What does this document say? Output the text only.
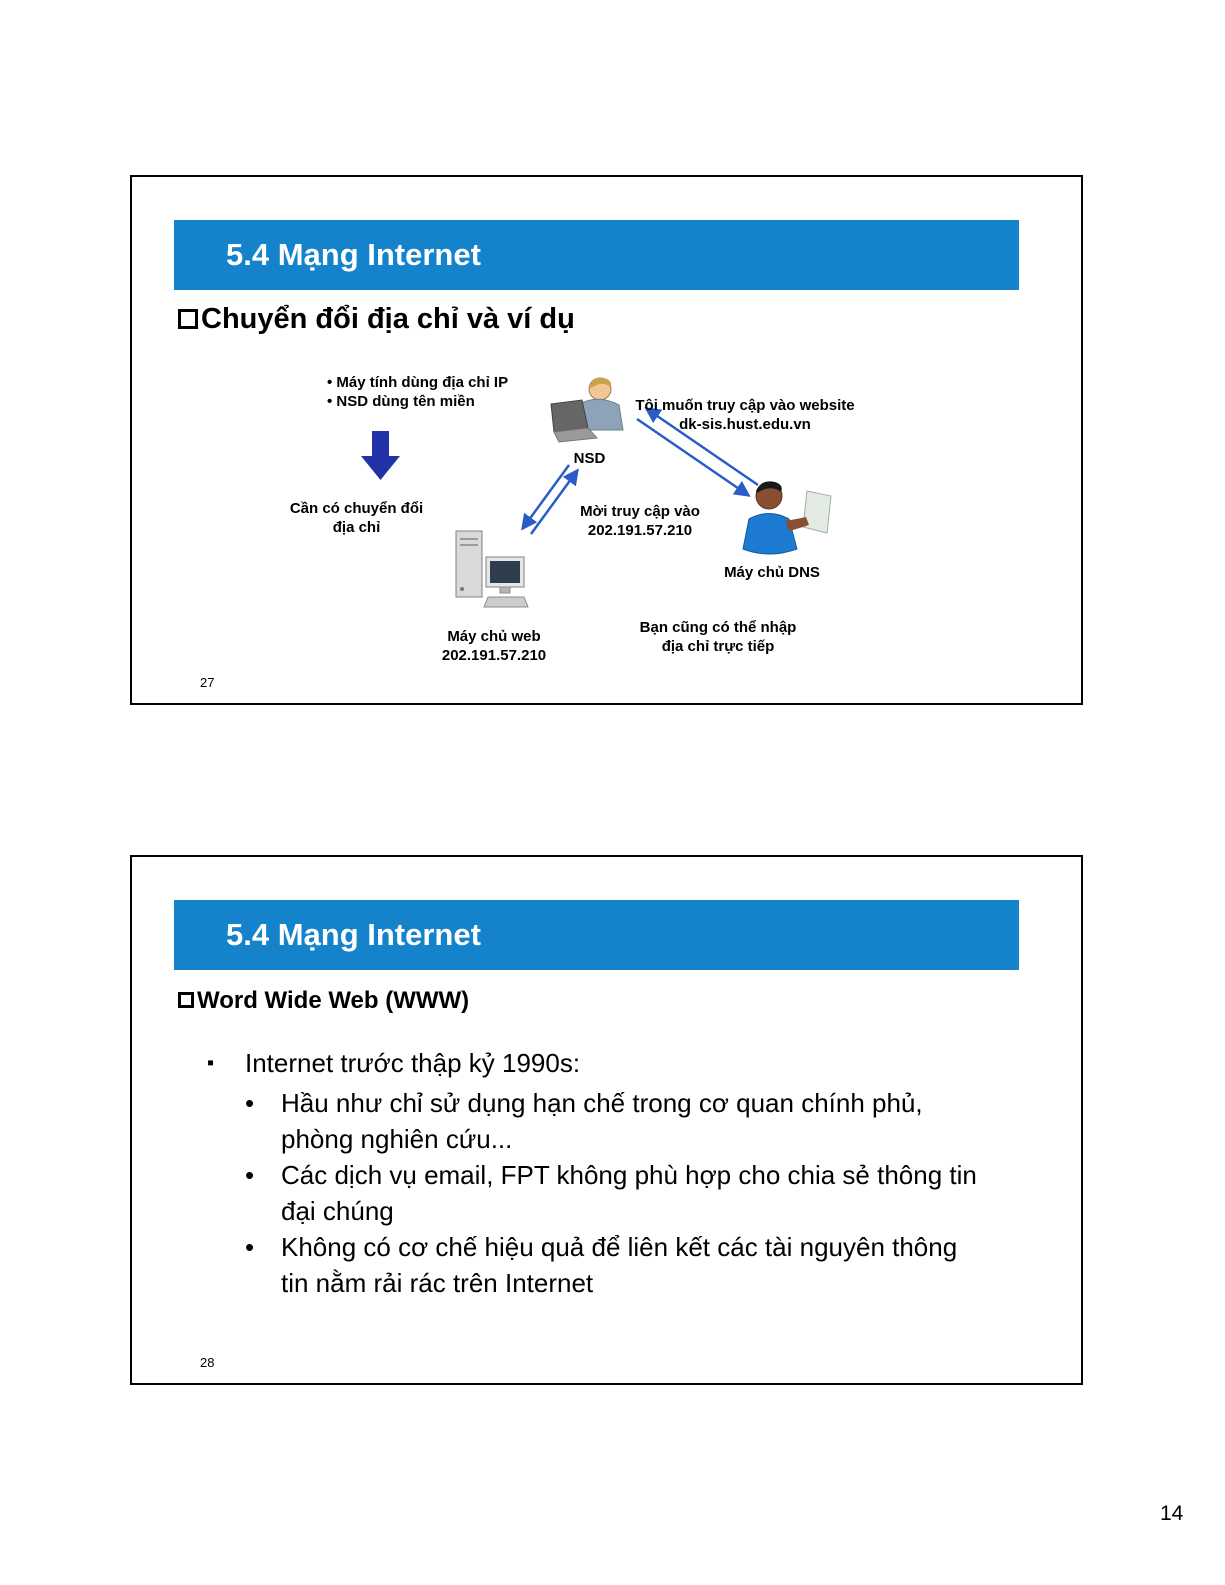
5.4 Mạng Internet
Chuyển đổi địa chỉ và ví dụ
• Máy tính dùng địa chỉ IP
• NSD dùng tên miền
Cần có chuyển đổi địa chỉ
NSD
Tôi muốn truy cập vào website dk-sis.hust.edu.vn
Mời truy cập vào 202.191.57.210
Máy chủ DNS
Máy chủ web 202.191.57.210
Bạn cũng có thể nhập địa chỉ trực tiếp
27
5.4 Mạng Internet
Word Wide Web (WWW)
▪	Internet trước thập kỷ 1990s:
•	Hầu như chỉ sử dụng hạn chế trong cơ quan chính phủ, phòng nghiên cứu...
•	Các dịch vụ email, FPT không phù hợp cho chia sẻ thông tin đại chúng
•	Không có cơ chế hiệu quả để liên kết các tài nguyên thông tin nằm rải rác trên Internet
28
14
